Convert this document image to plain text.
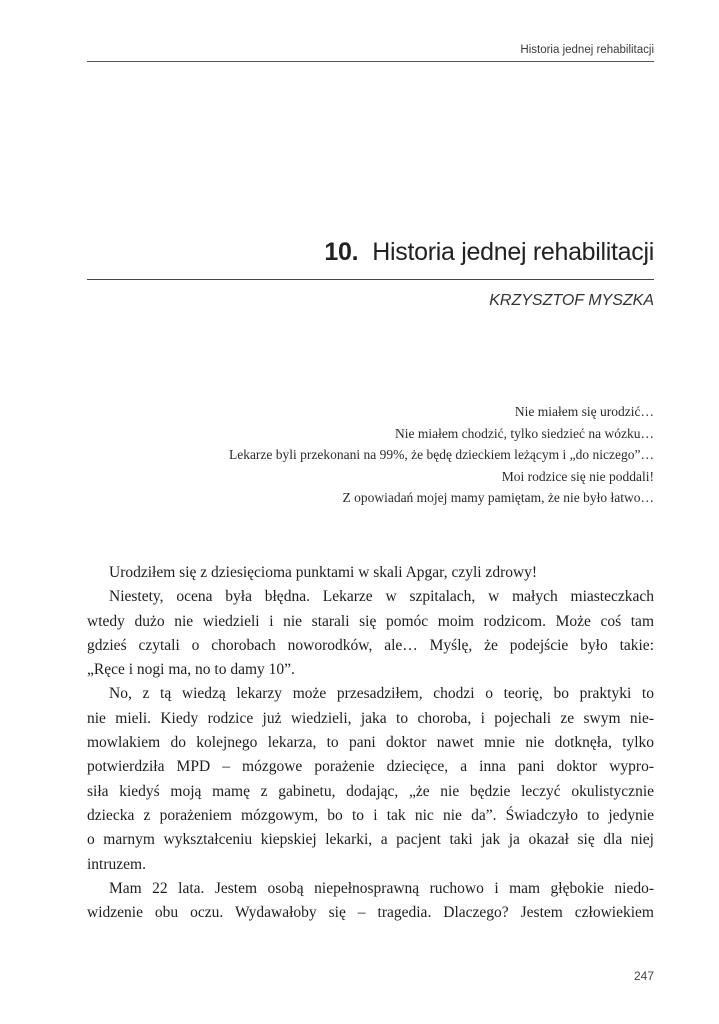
Historia jednej rehabilitacji
10. Historia jednej rehabilitacji
KRZYSZTOF MYSZKA
Nie miałem się urodzić…
Nie miałem chodzić, tylko siedzieć na wózku…
Lekarze byli przekonani na 99%, że będę dzieckiem leżącym i „do niczego”…
Moi rodzice się nie poddali!
Z opowiadań mojej mamy pamiętam, że nie było łatwo…
Urodziłem się z dziesięcioma punktami w skali Apgar, czyli zdrowy!
Niestety, ocena była błędna. Lekarze w szpitalach, w małych miasteczkach
wtedy dużo nie wiedzieli i nie starali się pomóc moim rodzicom. Może coś tam
gdzieś czytali o chorobach noworodków, ale… Myślę, że podejście było takie:
„Ręce i nogi ma, no to damy 10”.
No, z tą wiedzą lekarzy może przesadziłem, chodzi o teorię, bo praktyki to
nie mieli. Kiedy rodzice już wiedzieli, jaka to choroba, i pojechali ze swym nie-
mowlakiem do kolejnego lekarza, to pani doktor nawet mnie nie dotknęła, tylko
potwierdziła MPD – mózgowe porażenie dziecięce, a inna pani doktor wypro-
siła kiedyś moją mamę z gabinetu, dodając, „że nie będzie leczyć okulistycznie
dziecka z porażeniem mózgowym, bo to i tak nic nie da”. Świadczyło to jedynie
o marnym wykształceniu kiepskiej lekarki, a pacjent taki jak ja okazał się dla niej
intruzem.
Mam 22 lata. Jestem osobą niepełnosprawną ruchowo i mam głębokie niedo-
widzenie obu oczu. Wydawałoby się – tragedia. Dlaczego? Jestem człowiekiem
247
